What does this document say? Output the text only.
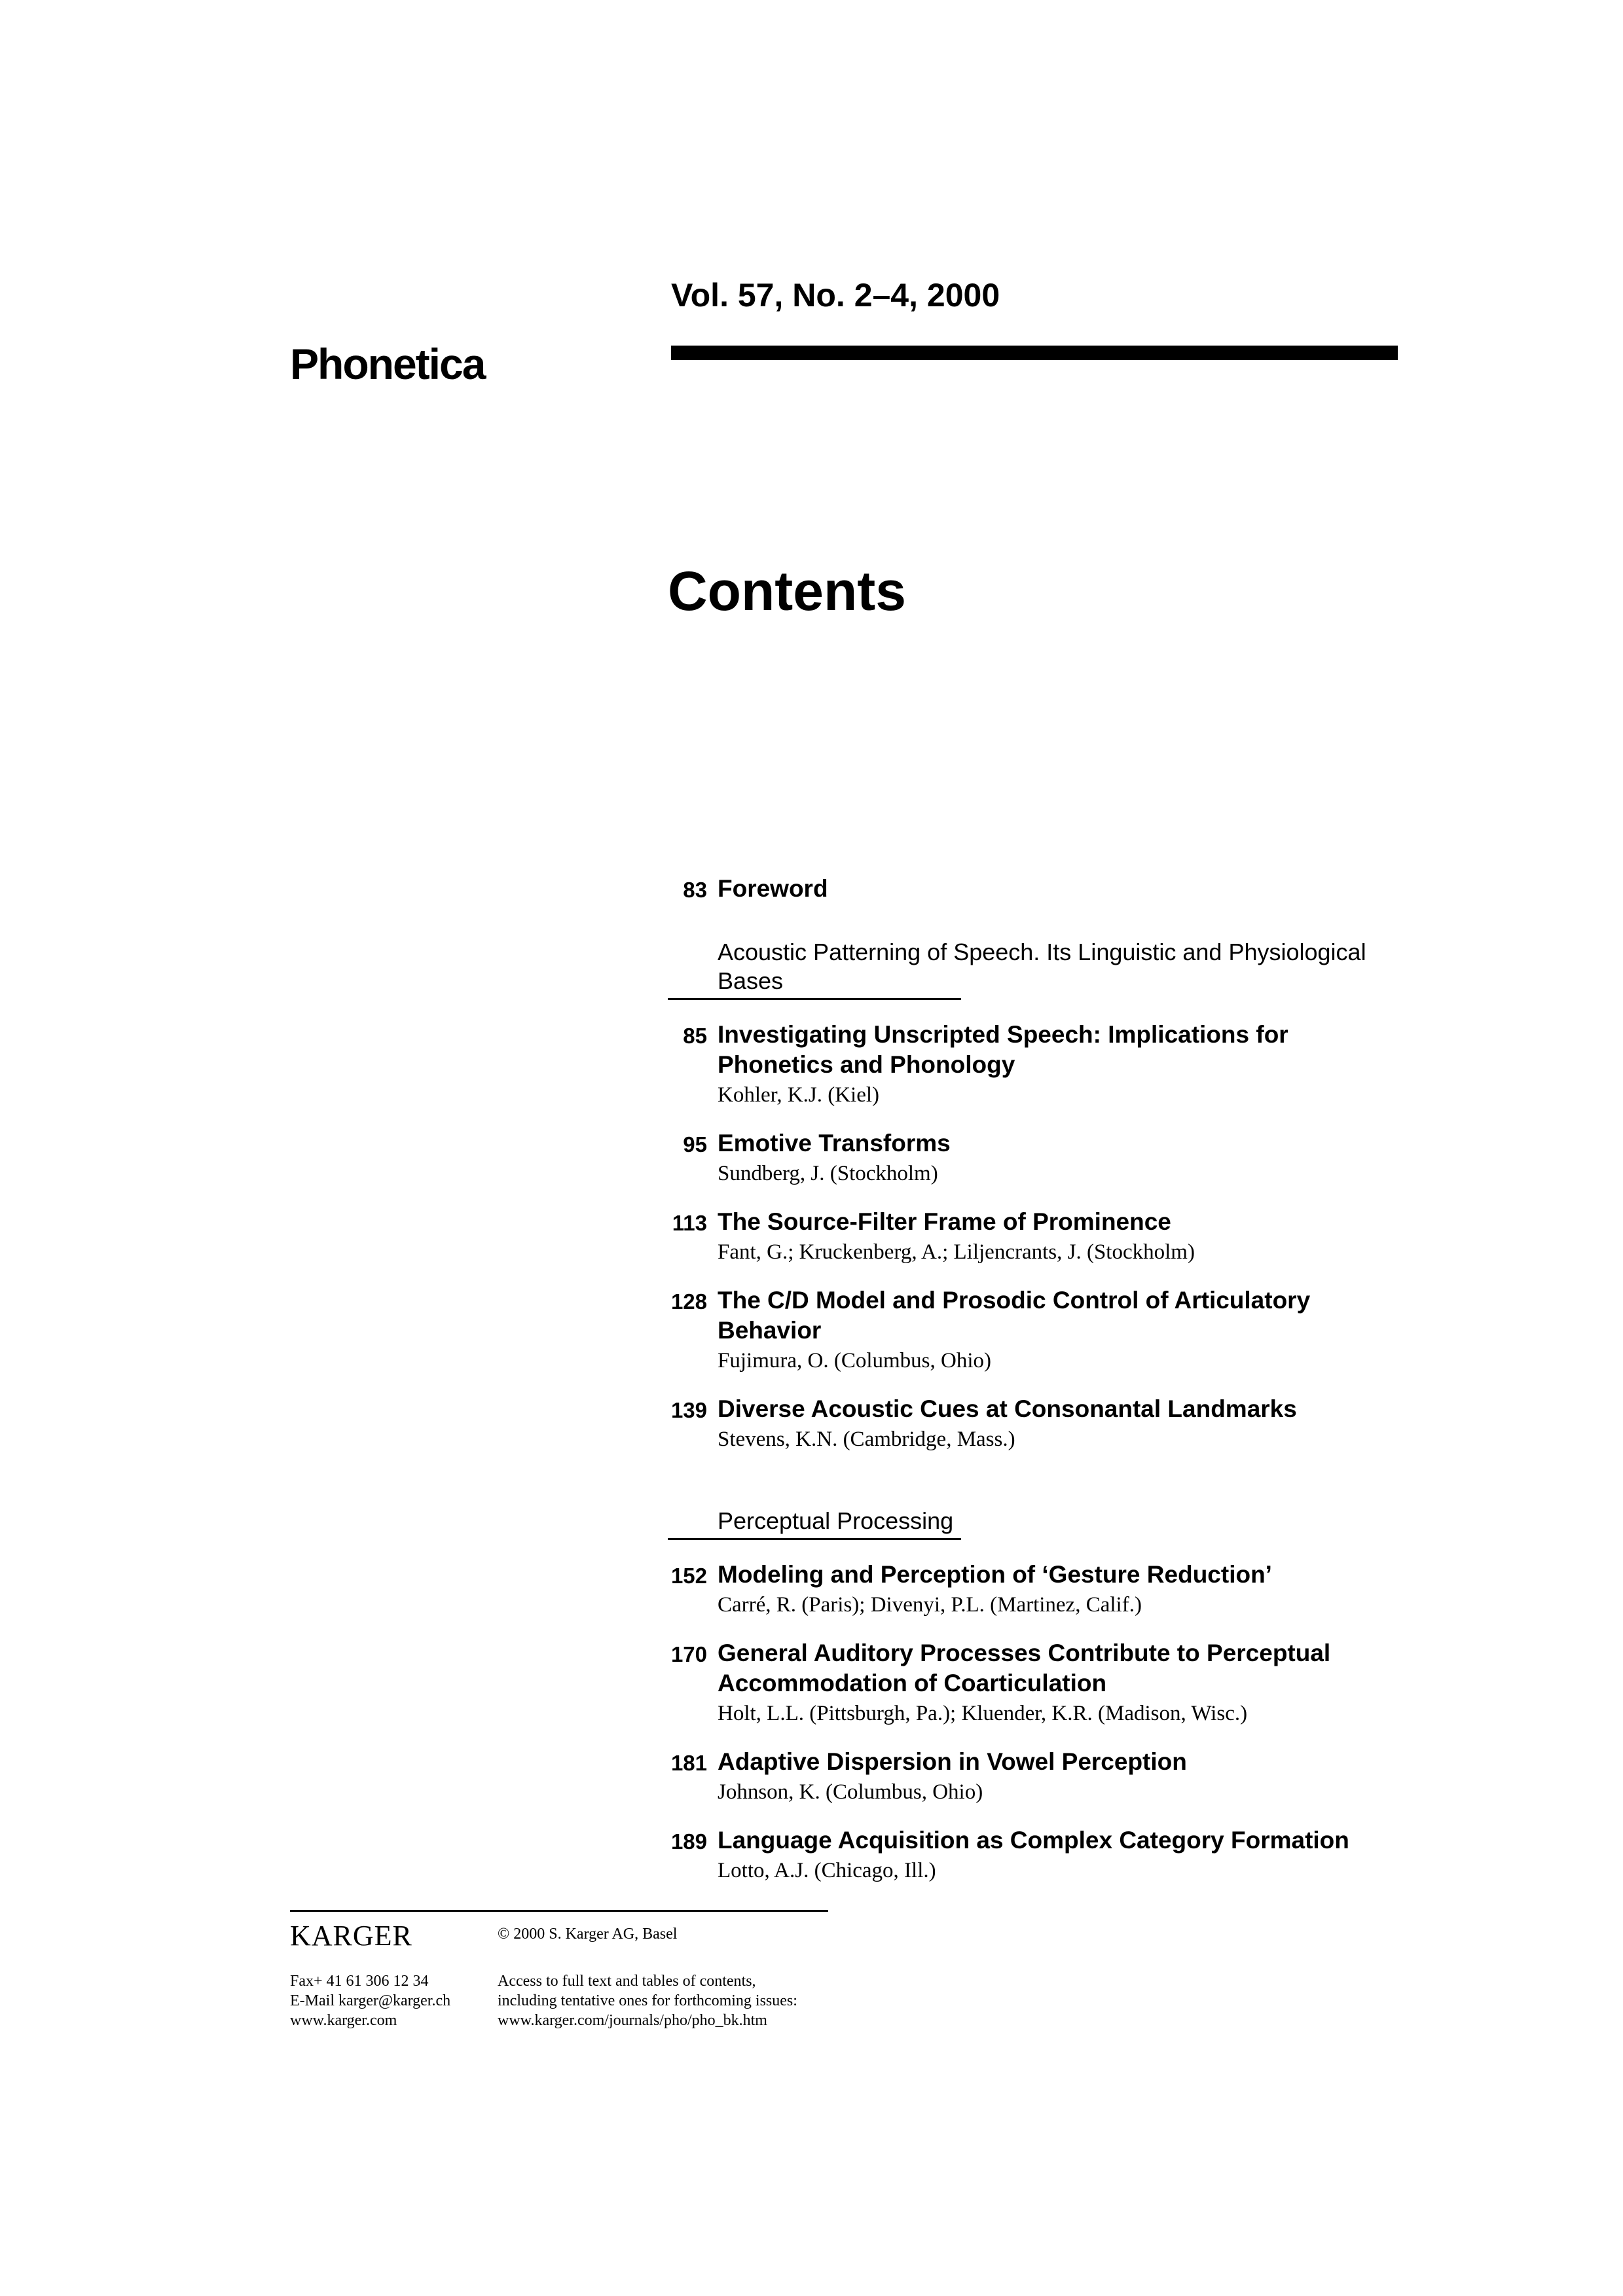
Vol. 57, No. 2–4, 2000
Phonetica
Contents
83 Foreword
Acoustic Patterning of Speech. Its Linguistic and Physiological Bases
85 Investigating Unscripted Speech: Implications for Phonetics and Phonology
Kohler, K.J. (Kiel)
95 Emotive Transforms
Sundberg, J. (Stockholm)
113 The Source-Filter Frame of Prominence
Fant, G.; Kruckenberg, A.; Liljencrants, J. (Stockholm)
128 The C/D Model and Prosodic Control of Articulatory Behavior
Fujimura, O. (Columbus, Ohio)
139 Diverse Acoustic Cues at Consonantal Landmarks
Stevens, K.N. (Cambridge, Mass.)
Perceptual Processing
152 Modeling and Perception of ‘Gesture Reduction’
Carré, R. (Paris); Divenyi, P.L. (Martinez, Calif.)
170 General Auditory Processes Contribute to Perceptual Accommodation of Coarticulation
Holt, L.L. (Pittsburgh, Pa.); Kluender, K.R. (Madison, Wisc.)
181 Adaptive Dispersion in Vowel Perception
Johnson, K. (Columbus, Ohio)
189 Language Acquisition as Complex Category Formation
Lotto, A.J. (Chicago, Ill.)
KARGER	© 2000 S. Karger AG, Basel
Fax+ 41 61 306 12 34
E-Mail karger@karger.ch
www.karger.com
Access to full text and tables of contents,
including tentative ones for forthcoming issues:
www.karger.com/journals/pho/pho_bk.htm
